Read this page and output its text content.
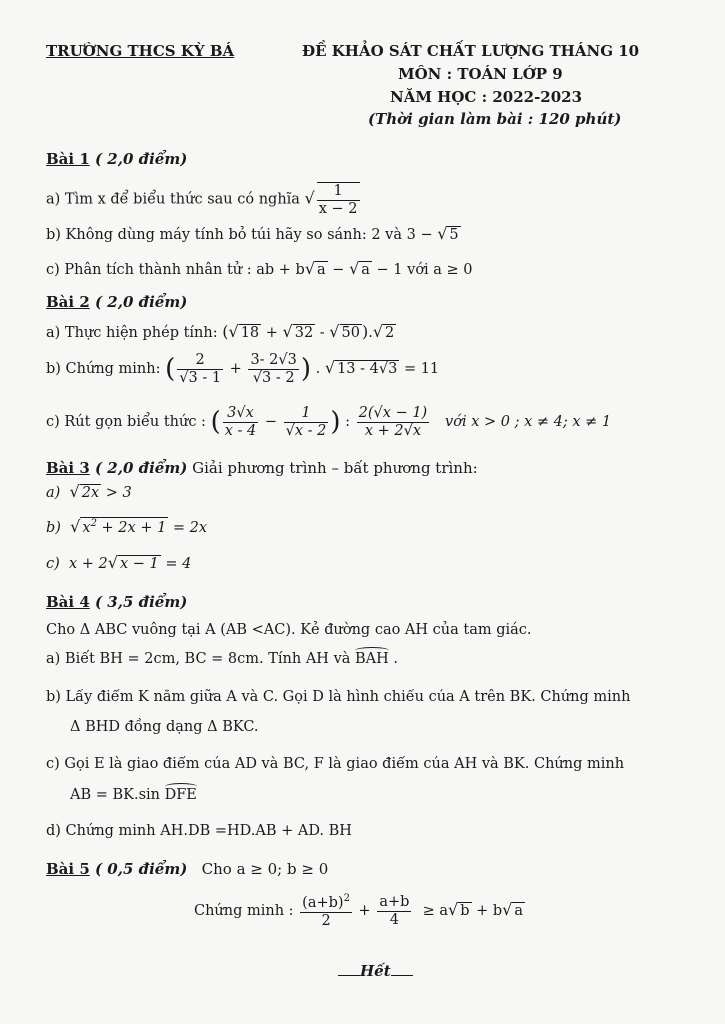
TRƯỜNG THCS KỲ BÁ	ĐỀ KHẢO SÁT CHẤT LƯỢNG THÁNG 10
MÔN : TOÁN LỚP 9
NĂM HỌC : 2022-2023
(Thời gian làm bài : 120 phút)
Bài 1 ( 2,0 điểm)
a) Tìm x để biểu thức sau có nghĩa √ $\frac{1}{x - 2}$
b) Không dùng máy tính bỏ túi hãy so sánh: 2 và 3 − √ 5
c) Phân tích thành nhân tử : ab + b√ a − √ a − 1 với a ≥ 0
Bài 2 ( 2,0 điểm)
a) Thực hiện phép tính: (√ 18 + √ 32 - √ 50 ).√ 2
b) Chứng minh: ( $\frac{2}{√3 - 1} + \frac{3- 2√3}{√3 - 2}$ ) . √ 13 - 4√3 = 11
c) Rút gọn biểu thức : ( $\frac{3√x}{x - 4} - \frac{1}{√x - 2}$ ) : $\frac{2(√x - 1)}{x + 2√x}$ với x > 0 ; x ≠ 4; x ≠ 1
Bài 3 ( 2,0 điểm) Giải phương trình – bất phương trình:
a) √ 2x > 3
b) √ $x^2 + 2x + 1 = 2x$
c)  x + 2√ x − 1 = 4
Bài 4 ( 3,5 điểm)
Cho Δ ABC vuông tại A (AB <AC). Kẻ đường cao AH của tam giác.
a) Biết BH = 2cm, BC = 8cm. Tính AH và BAH .
b) Lấy điểm K nằm giữa A và C. Gọi D là hình chiếu của A trên BK. Chứng minh
Δ BHD đồng dạng Δ BKC.
c) Gọi E là giao điểm của AD và BC, F là giao điểm của AH và BK. Chứng minh
AB = BK.sin DFE
d) Chứng minh AH.DB =HD.AB + AD. BH
Bài 5 ( 0,5 điểm) Cho a ≥ 0; b ≥ 0
Chứng minh : $\frac{(a+b)^2}{2} + \frac{a+b}{4} \ge a√$ b + b√ a
Hết
